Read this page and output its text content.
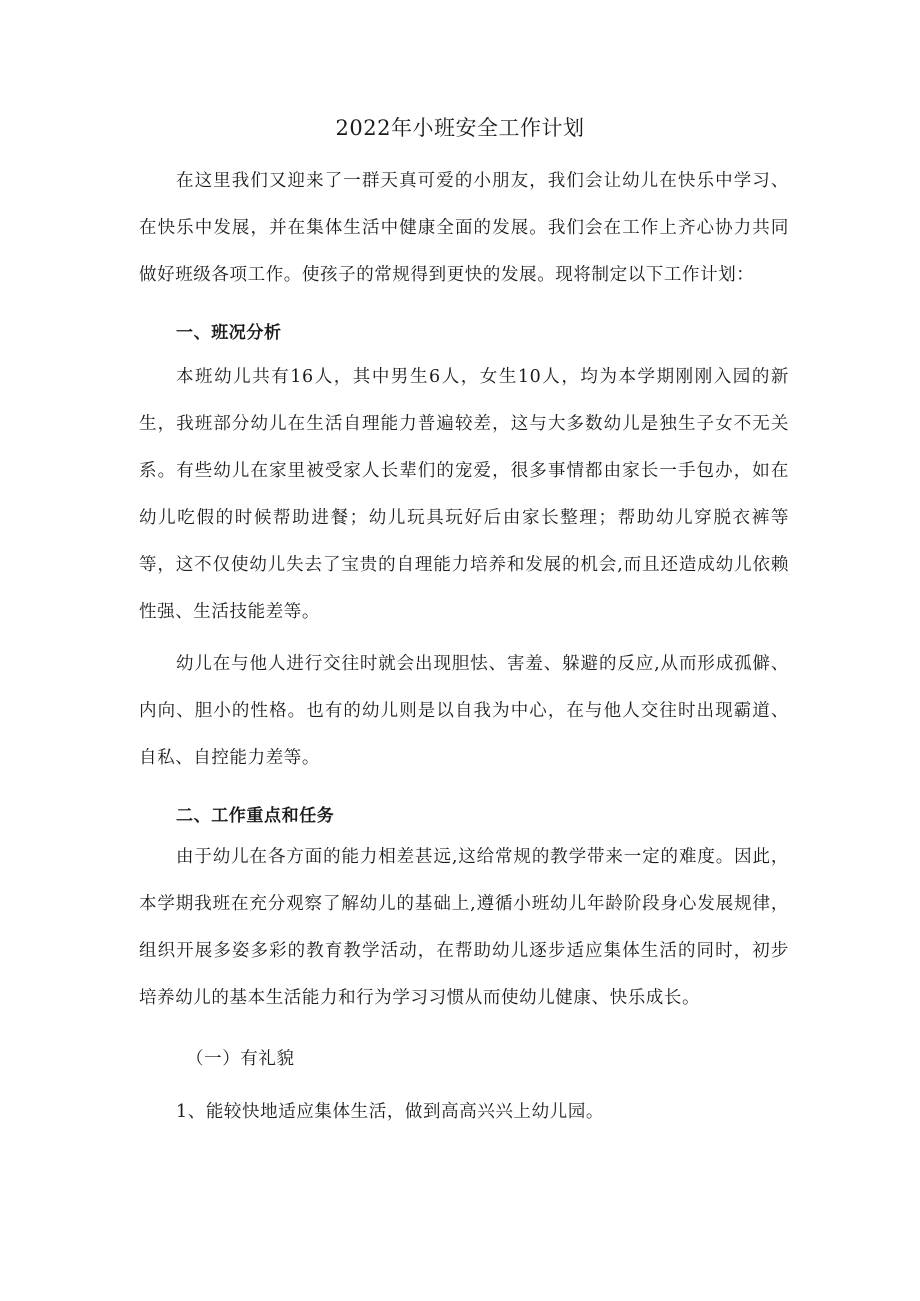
2022年小班安全工作计划
在这里我们又迎来了一群天真可爱的小朋友，我们会让幼儿在快乐中学习、在快乐中发展，并在集体生活中健康全面的发展。我们会在工作上齐心协力共同做好班级各项工作。使孩子的常规得到更快的发展。现将制定以下工作计划：
一、班况分析
本班幼儿共有16人，其中男生6人，女生10人，均为本学期刚刚入园的新生，我班部分幼儿在生活自理能力普遍较差，这与大多数幼儿是独生子女不无关系。有些幼儿在家里被受家人长辈们的宠爱，很多事情都由家长一手包办，如在幼儿吃假的时候帮助进餐；幼儿玩具玩好后由家长整理；帮助幼儿穿脱衣裤等等，这不仅使幼儿失去了宝贵的自理能力培养和发展的机会,而且还造成幼儿依赖性强、生活技能差等。
幼儿在与他人进行交往时就会出现胆怯、害羞、躲避的反应,从而形成孤僻、内向、胆小的性格。也有的幼儿则是以自我为中心，在与他人交往时出现霸道、自私、自控能力差等。
二、工作重点和任务
由于幼儿在各方面的能力相差甚远,这给常规的教学带来一定的难度。因此，本学期我班在充分观察了解幼儿的基础上,遵循小班幼儿年龄阶段身心发展规律，组织开展多姿多彩的教育教学活动，在帮助幼儿逐步适应集体生活的同时，初步培养幼儿的基本生活能力和行为学习习惯从而使幼儿健康、快乐成长。
（一）有礼貌
1、能较快地适应集体生活，做到高高兴兴上幼儿园。
